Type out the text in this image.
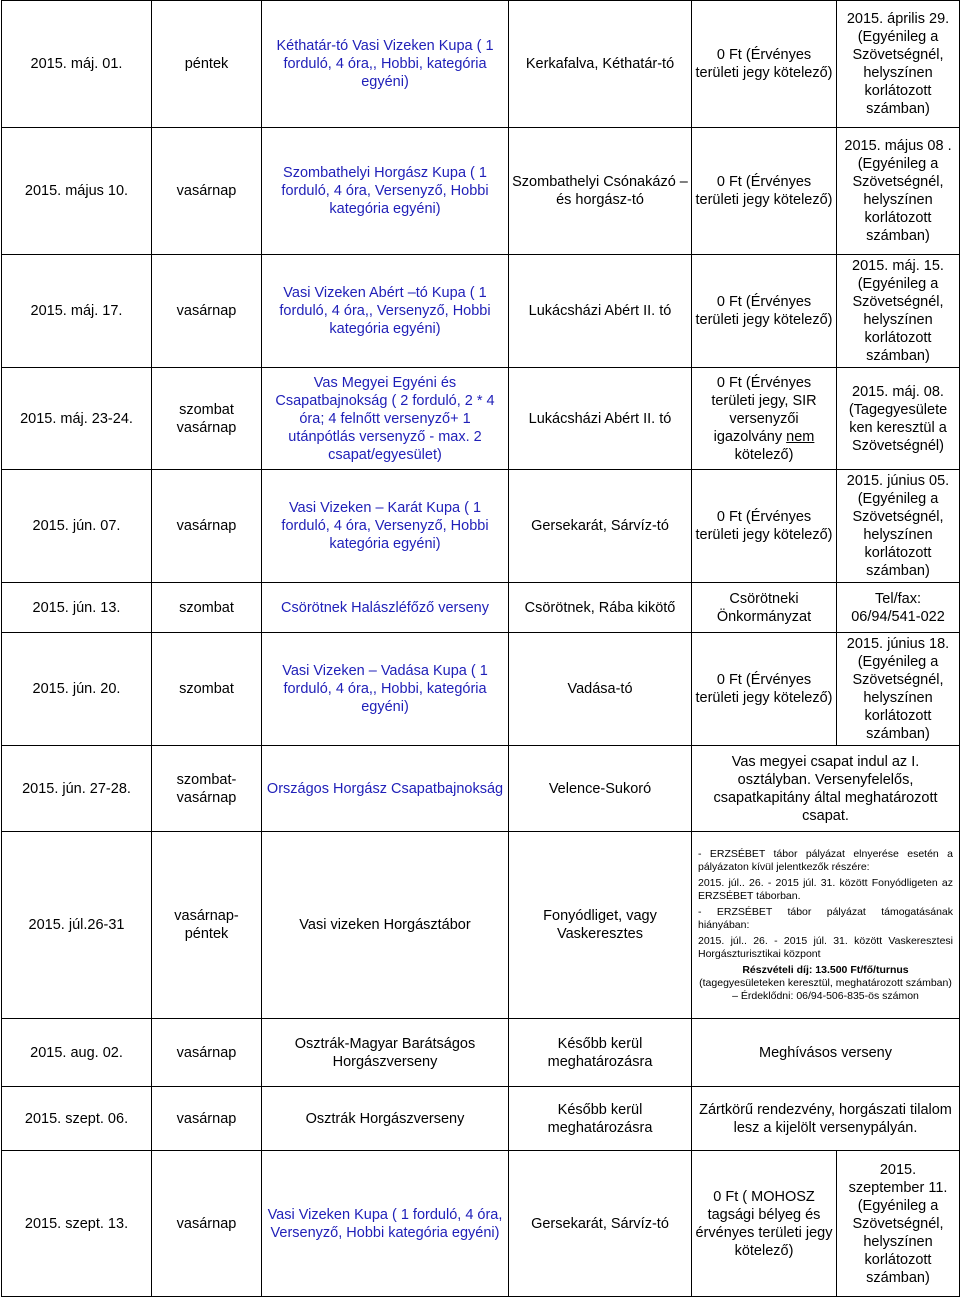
2015. máj. 01.	péntek	Kéthatár-tó Vasi Vizeken Kupa ( 1 forduló, 4 óra,, Hobbi, kategória egyéni)	Kerkafalva, Kéthatár-tó	0 Ft (Érvényes területi jegy kötelező)	2015. április 29. (Egyénileg a Szövetségnél, helyszínen korlátozott számban)
2015. május 10.	vasárnap	Szombathelyi Horgász Kupa ( 1 forduló, 4 óra, Versenyző, Hobbi kategória egyéni)	Szombathelyi Csónakázó –és horgász-tó	0 Ft (Érvényes területi jegy kötelező)	2015. május 08 . (Egyénileg a Szövetségnél, helyszínen korlátozott számban)
2015. máj. 17.	vasárnap	Vasi Vizeken Abért –tó Kupa ( 1 forduló, 4 óra,, Versenyző, Hobbi kategória egyéni)	Lukácsházi Abért II. tó	0 Ft (Érvényes területi jegy kötelező)	2015. máj. 15. (Egyénileg a Szövetségnél, helyszínen korlátozott számban)
2015. máj. 23-24.	szombat vasárnap	Vas Megyei Egyéni és Csapatbajnokság ( 2 forduló, 2 * 4 óra; 4 felnőtt versenyző+ 1 utánpótlás versenyző - max. 2 csapat/egyesület)	Lukácsházi Abért II. tó	0 Ft (Érvényes területi jegy, SIR versenyzői igazolvány nem kötelező)	2015. máj. 08. (Tagegyesülete ken keresztül a Szövetségnél)
2015. jún. 07.	vasárnap	Vasi Vizeken – Karát Kupa ( 1 forduló, 4 óra, Versenyző, Hobbi kategória egyéni)	Gersekarát, Sárvíz-tó	0 Ft (Érvényes területi jegy kötelező)	2015. június 05. (Egyénileg a Szövetségnél, helyszínen korlátozott számban)
2015. jún. 13.	szombat	Csörötnek Halászléfőző verseny	Csörötnek, Rába kikötő	Csörötneki Önkormányzat	Tel/fax: 06/94/541-022
2015. jún. 20.	szombat	Vasi Vizeken – Vadása Kupa ( 1 forduló, 4 óra,, Hobbi, kategória egyéni)	Vadása-tó	0 Ft (Érvényes területi jegy kötelező)	2015. június 18. (Egyénileg a Szövetségnél, helyszínen korlátozott számban)
2015. jún. 27-28.	szombat-vasárnap	Országos Horgász Csapatbajnokság	Velence-Sukoró	Vas megyei csapat indul az I. osztályban. Versenyfelelős, csapatkapitány által meghatározott csapat.	
2015. júl.26-31	vasárnap-péntek	Vasi vizeken Horgásztábor	Fonyódliget, vagy Vaskeresztes	- ERZSÉBET tábor pályázat elnyerése esetén a pályázaton kívül jelentkezők részére:

2015. júl.. 26. - 2015 júl. 31. között Fonyódligeten az ERZSÉBET táborban.

- ERZSÉBET tábor pályázat támogatásának hiányában:

2015. júl.. 26. - 2015 júl. 31. között Vaskeresztesi Horgászturisztikai központ

Részvételi díj: 13.500 Ft/fő/turnus (tagegyesületeken keresztül, meghatározott számban) – Érdeklődni: 06/94-506-835-ös számon	

2015. aug. 02.	vasárnap	Osztrák-Magyar Barátságos Horgászverseny	Később kerül meghatározásra	Meghívásos verseny	
2015. szept. 06.	vasárnap	Osztrák Horgászverseny	Később kerül meghatározásra	Zártkörű rendezvény, horgászati tilalom lesz a kijelölt versenypályán.	
2015. szept. 13.	vasárnap	Vasi Vizeken Kupa ( 1 forduló, 4 óra, Versenyző, Hobbi kategória egyéni)	Gersekarát, Sárvíz-tó	0 Ft ( MOHOSZ tagsági bélyeg és érvényes területi jegy kötelező)	2015. szeptember 11. (Egyénileg a Szövetségnél, helyszínen korlátozott számban)
